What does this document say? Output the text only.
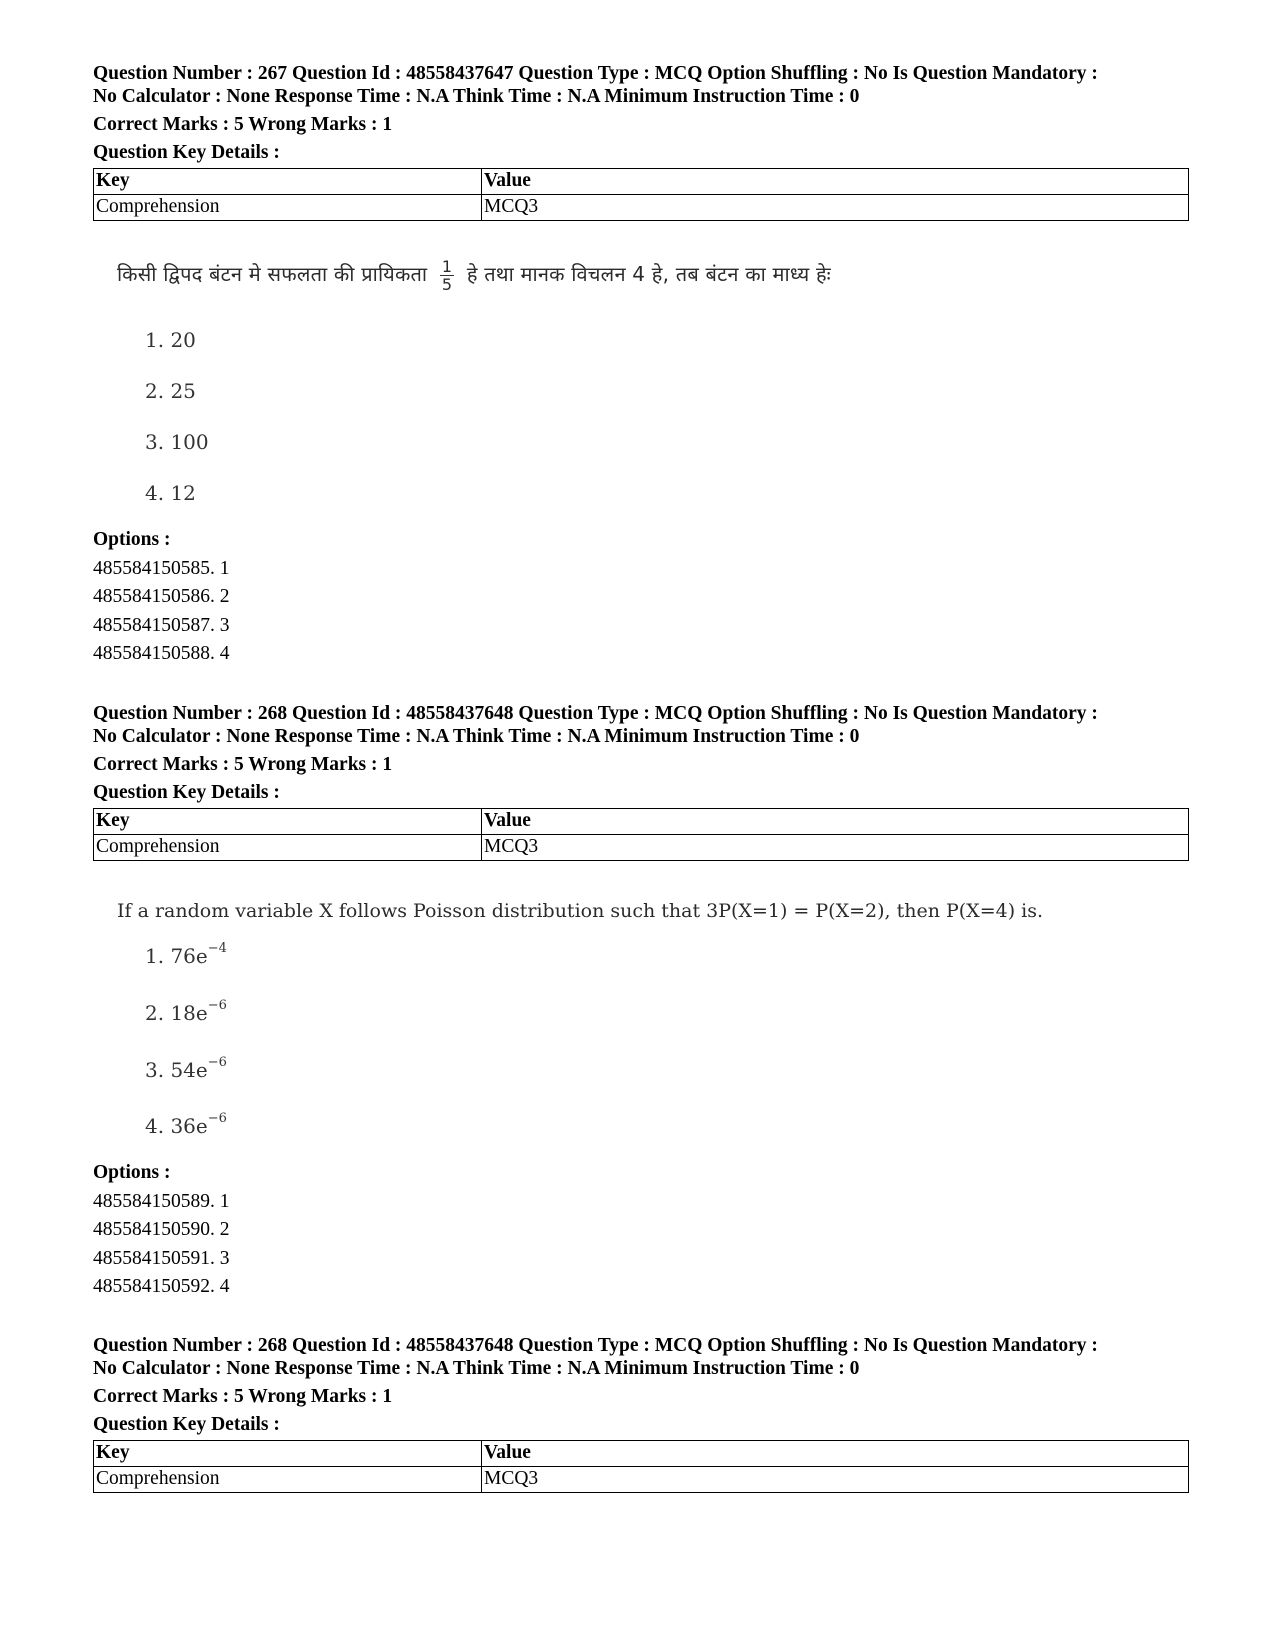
Question Number : 267 Question Id : 48558437647 Question Type : MCQ Option Shuffling : No Is Question Mandatory :
No Calculator : None Response Time : N.A Think Time : N.A Minimum Instruction Time : 0
Correct Marks : 5 Wrong Marks : 1
Question Key Details :
Key	Value
Comprehension	MCQ3
किसी द्विपद बंटन मे सफलता की प्रायिकता $\frac{1}{5}$ हे तथा मानक विचलन 4 हे, तब बंटन का माध्य हेः
1. 20
2. 25
3. 100
4. 12
Options :
485584150585. 1
485584150586. 2
485584150587. 3
485584150588. 4
Question Number : 268 Question Id : 48558437648 Question Type : MCQ Option Shuffling : No Is Question Mandatory :
No Calculator : None Response Time : N.A Think Time : N.A Minimum Instruction Time : 0
Correct Marks : 5 Wrong Marks : 1
Question Key Details :
Key	Value
Comprehension	MCQ3
If a random variable X follows Poisson distribution such that 3P(X=1) = P(X=2), then P(X=4) is.
1. $76e^{-4}$
2. $18e^{-6}$
3. $54e^{-6}$
4. $36e^{-6}$
Options :
485584150589. 1
485584150590. 2
485584150591. 3
485584150592. 4
Question Number : 268 Question Id : 48558437648 Question Type : MCQ Option Shuffling : No Is Question Mandatory :
No Calculator : None Response Time : N.A Think Time : N.A Minimum Instruction Time : 0
Correct Marks : 5 Wrong Marks : 1
Question Key Details :
Key	Value
Comprehension	MCQ3
